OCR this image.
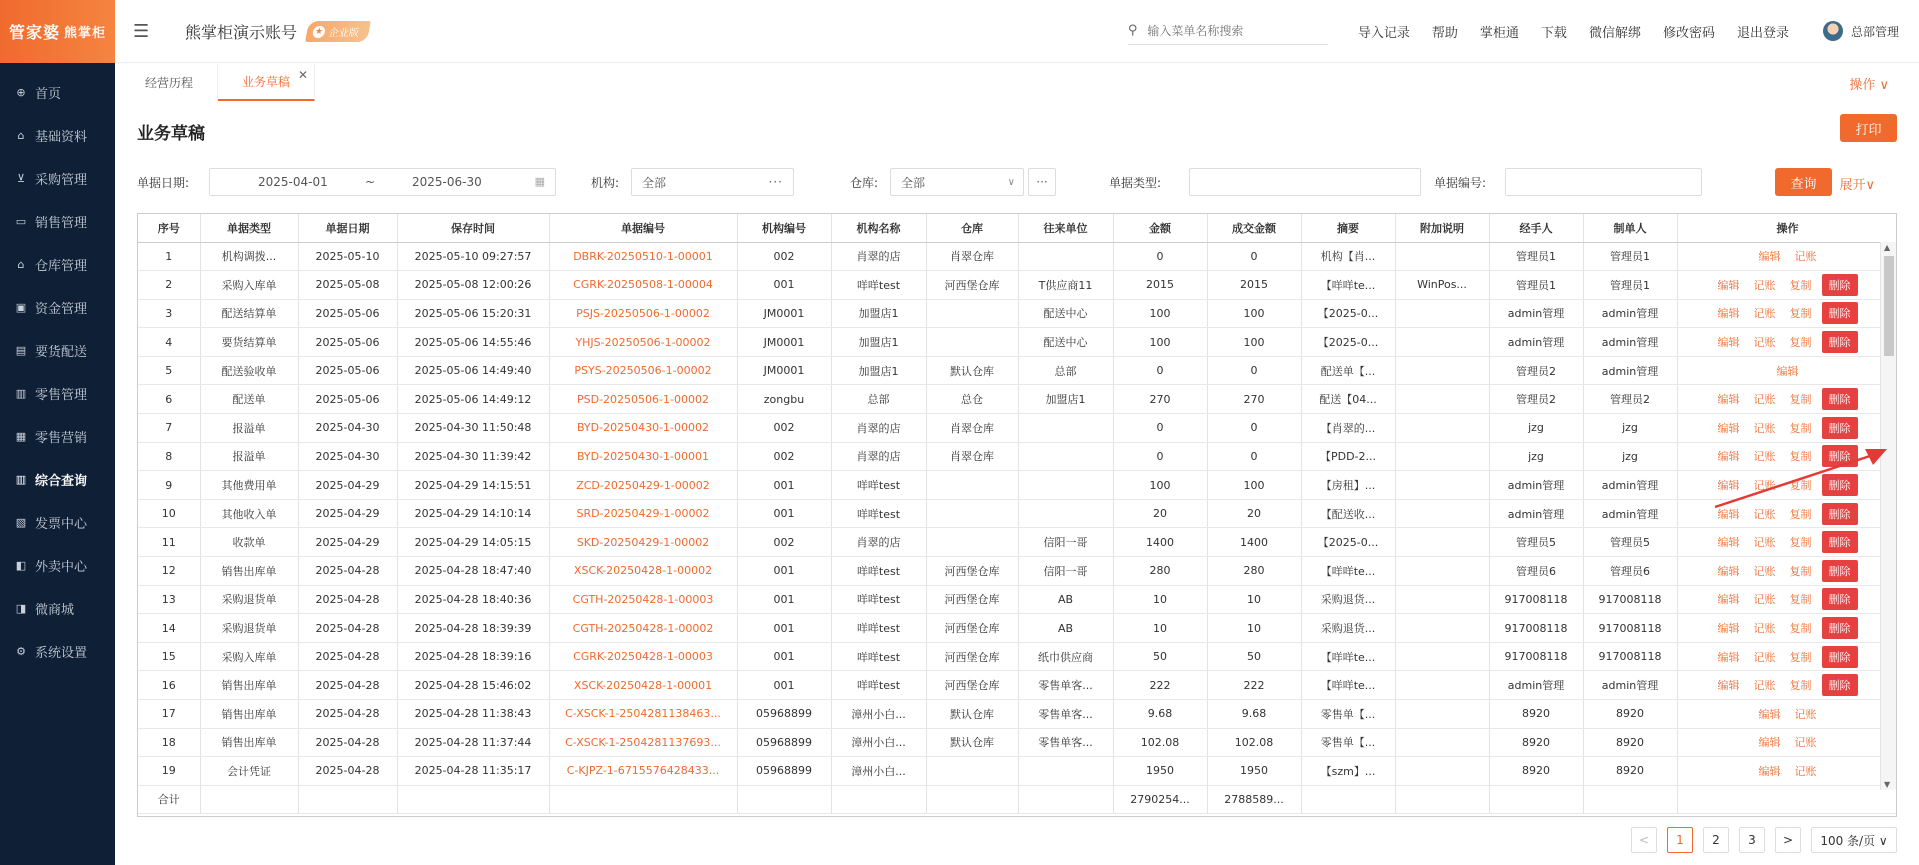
管家婆 熊掌柜
⊕ 首页
⌂ 基础资料
⊻ 采购管理
▭ 销售管理
⌂ 仓库管理
▣ 资金管理
▤ 要货配送
▥ 零售管理
▦ 零售营销
▥ 综合查询
▧ 发票中心
◧ 外卖中心
◨ 微商城
⚙ 系统设置
☰	熊掌柜演示账号 ★ 企业版	⚲
输入菜单名称搜索	导入记录 帮助 掌柜通 下载 微信解绑 修改密码 退出登录	总部管理
经营历程	业务草稿 ✕
操作 ∨
业务草稿	打印
单据日期:	2025-04-01	~	2025-06-30	▦	机构:	全部	···	仓库:	全部	∨	···	单据类型:	单据编号:	查询	展开∨
序号	单据类型	单据日期	保存时间	单据编号	机构编号	机构名称	仓库	往来单位	金额	成交金额	摘要	附加说明	经手人	制单人	操作
1	机构调拨...	2025-05-10	2025-05-10 09:27:57	DBRK-20250510-1-00001	002	肖翠的店	肖翠仓库		0	0	机构【肖...		管理员1	管理员1	编辑 记账

2	采购入库单	2025-05-08	2025-05-08 12:00:26	CGRK-20250508-1-00004	001	咩咩test	河西堡仓库	T供应商11	2015	2015	【咩咩te...	WinPos...	管理员1	管理员1	编辑 记账 复制 删除

3	配送结算单	2025-05-06	2025-05-06 15:20:31	PSJS-20250506-1-00002	JM0001	加盟店1		配送中心	100	100	【2025-0...		admin管理	admin管理	编辑 记账 复制 删除

4	要货结算单	2025-05-06	2025-05-06 14:55:46	YHJS-20250506-1-00002	JM0001	加盟店1		配送中心	100	100	【2025-0...		admin管理	admin管理	编辑 记账 复制 删除

5	配送验收单	2025-05-06	2025-05-06 14:49:40	PSYS-20250506-1-00002	JM0001	加盟店1	默认仓库	总部	0	0	配送单【...		管理员2	admin管理	编辑

6	配送单	2025-05-06	2025-05-06 14:49:12	PSD-20250506-1-00002	zongbu	总部	总仓	加盟店1	270	270	配送【04...		管理员2	管理员2	编辑 记账 复制 删除

7	报溢单	2025-04-30	2025-04-30 11:50:48	BYD-20250430-1-00002	002	肖翠的店	肖翠仓库		0	0	【肖翠的...		jzg	jzg	编辑 记账 复制 删除

8	报溢单	2025-04-30	2025-04-30 11:39:42	BYD-20250430-1-00001	002	肖翠的店	肖翠仓库		0	0	【PDD-2...		jzg	jzg	编辑 记账 复制 删除

9	其他费用单	2025-04-29	2025-04-29 14:15:51	ZCD-20250429-1-00002	001	咩咩test			100	100	【房租】...		admin管理	admin管理	编辑 记账 复制 删除

10	其他收入单	2025-04-29	2025-04-29 14:10:14	SRD-20250429-1-00002	001	咩咩test			20	20	【配送收...		admin管理	admin管理	编辑 记账 复制 删除

11	收款单	2025-04-29	2025-04-29 14:05:15	SKD-20250429-1-00002	002	肖翠的店		信阳一哥	1400	1400	【2025-0...		管理员5	管理员5	编辑 记账 复制 删除

12	销售出库单	2025-04-28	2025-04-28 18:47:40	XSCK-20250428-1-00002	001	咩咩test	河西堡仓库	信阳一哥	280	280	【咩咩te...		管理员6	管理员6	编辑 记账 复制 删除

13	采购退货单	2025-04-28	2025-04-28 18:40:36	CGTH-20250428-1-00003	001	咩咩test	河西堡仓库	AB	10	10	采购退货...		917008118	917008118	编辑 记账 复制 删除

14	采购退货单	2025-04-28	2025-04-28 18:39:39	CGTH-20250428-1-00002	001	咩咩test	河西堡仓库	AB	10	10	采购退货...		917008118	917008118	编辑 记账 复制 删除

15	采购入库单	2025-04-28	2025-04-28 18:39:16	CGRK-20250428-1-00003	001	咩咩test	河西堡仓库	纸巾供应商	50	50	【咩咩te...		917008118	917008118	编辑 记账 复制 删除

16	销售出库单	2025-04-28	2025-04-28 15:46:02	XSCK-20250428-1-00001	001	咩咩test	河西堡仓库	零售单客...	222	222	【咩咩te...		admin管理	admin管理	编辑 记账 复制 删除

17	销售出库单	2025-04-28	2025-04-28 11:38:43	C-XSCK-1-2504281138463...	05968899	漳州小白...	默认仓库	零售单客...	9.68	9.68	零售单【...		8920	8920	编辑 记账

18	销售出库单	2025-04-28	2025-04-28 11:37:44	C-XSCK-1-2504281137693...	05968899	漳州小白...	默认仓库	零售单客...	102.08	102.08	零售单【...		8920	8920	编辑 记账

19	会计凭证	2025-04-28	2025-04-28 11:35:17	C-KJPZ-1-6715576428433...	05968899	漳州小白...			1950	1950	【szm】...		8920	8920	编辑 记账

合计									2790254...	2788589...					
▲
▼
<	1	2	3	>	100 条/页 ∨
